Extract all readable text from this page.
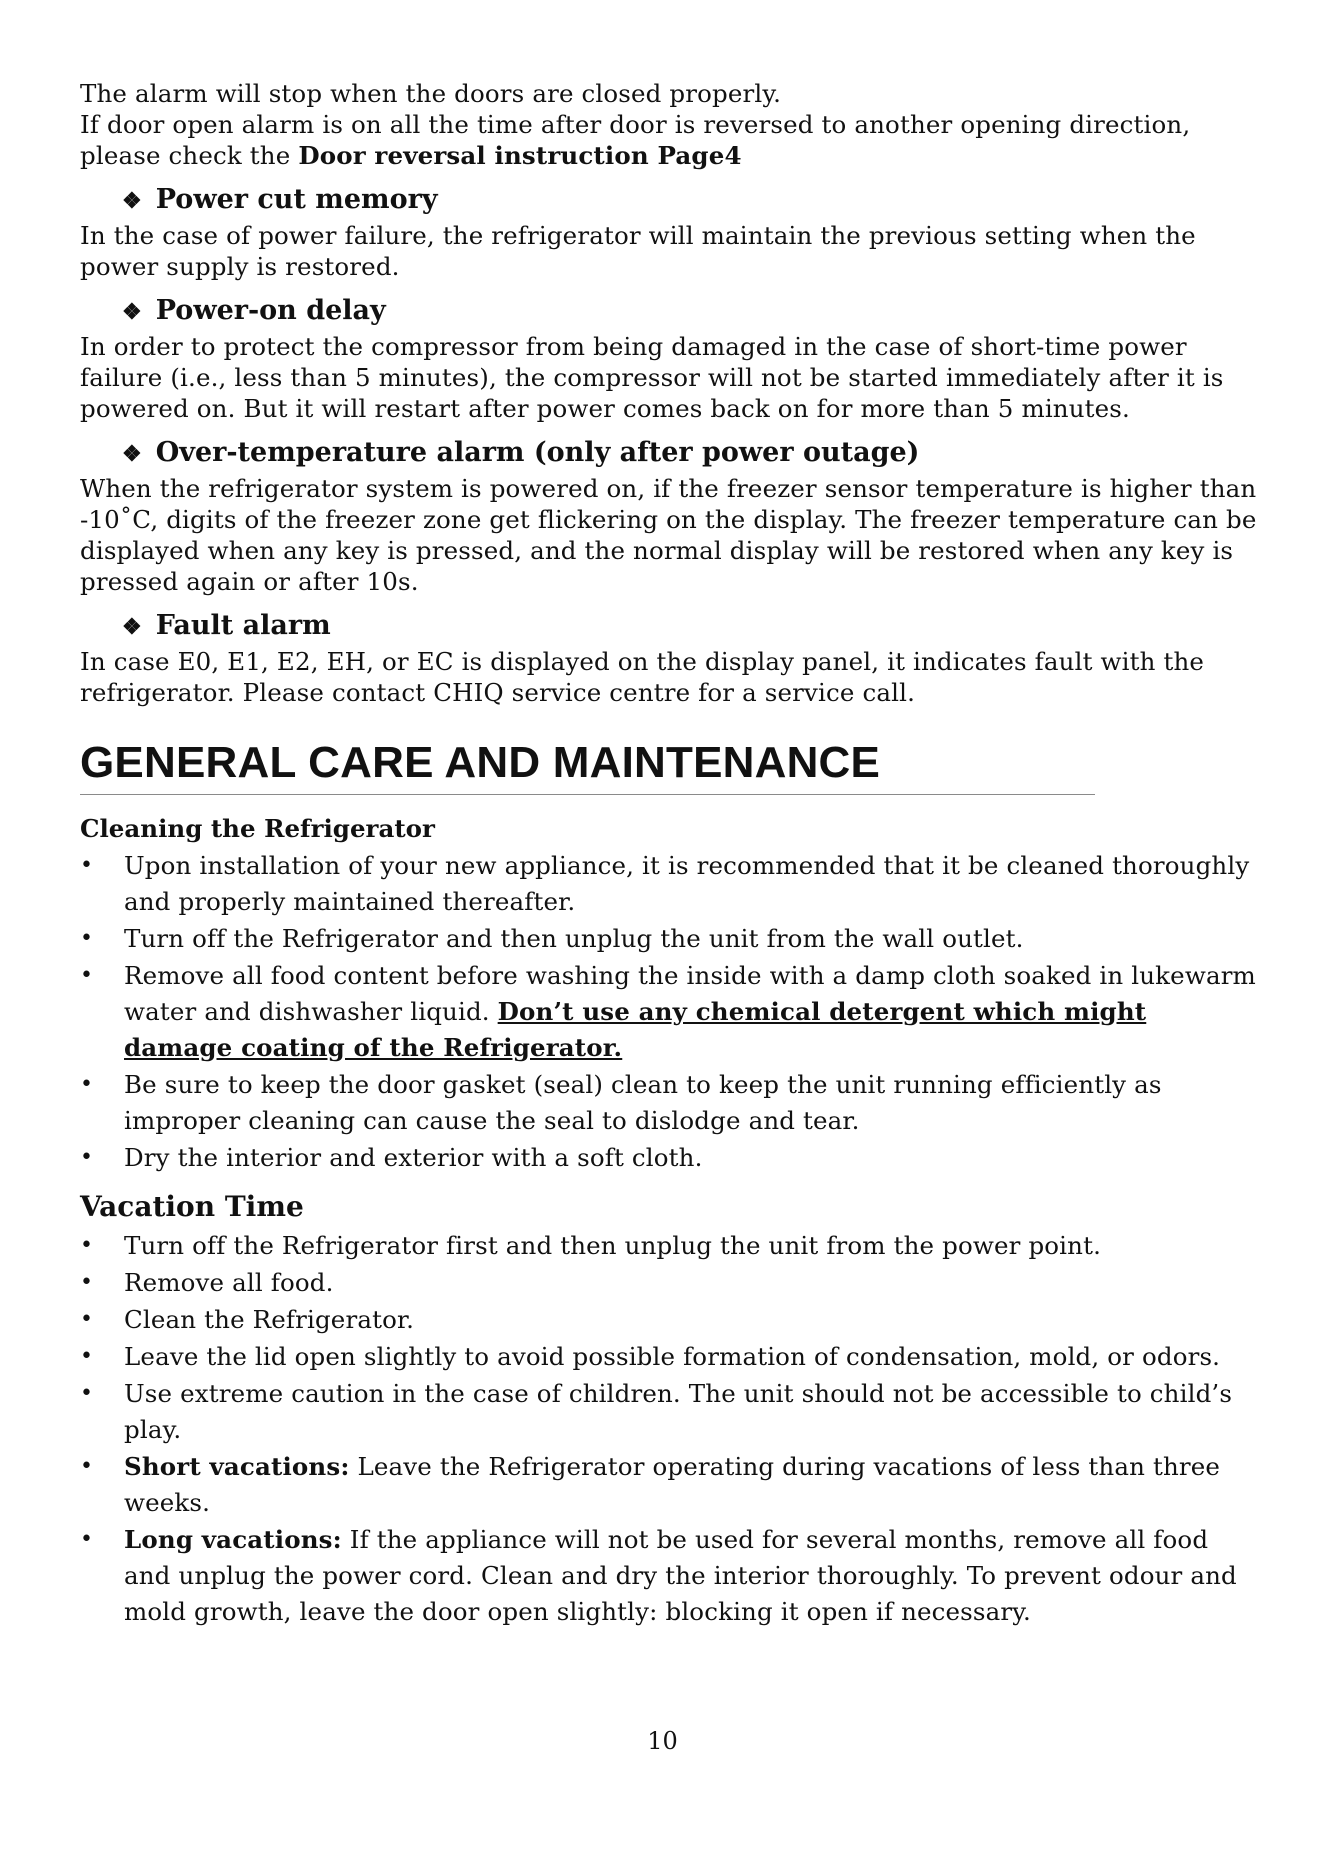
The alarm will stop when the doors are closed properly.

If door open alarm is on all the time after door is reversed to another opening direction, please check the Door reversal instruction Page4

❖ Power cut memory

In the case of power failure, the refrigerator will maintain the previous setting when the power supply is restored.

❖ Power-on delay

In order to protect the compressor from being damaged in the case of short-time power failure (i.e., less than 5 minutes), the compressor will not be started immediately after it is powered on. But it will restart after power comes back on for more than 5 minutes.

❖ Over-temperature alarm (only after power outage)

When the refrigerator system is powered on, if the freezer sensor temperature is higher than -10˚C, digits of the freezer zone get flickering on the display. The freezer temperature can be displayed when any key is pressed, and the normal display will be restored when any key is pressed again or after 10s.

❖ Fault alarm

In case E0, E1, E2, EH, or EC is displayed on the display panel, it indicates fault with the refrigerator. Please contact CHIQ service centre for a service call.

GENERAL CARE AND MAINTENANCE
Cleaning the Refrigerator
• Upon installation of your new appliance, it is recommended that it be cleaned thoroughly and properly maintained thereafter.
• Turn off the Refrigerator and then unplug the unit from the wall outlet.
• Remove all food content before washing the inside with a damp cloth soaked in lukewarm water and dishwasher liquid. Don’t use any chemical detergent which might damage coating of the Refrigerator.
• Be sure to keep the door gasket (seal) clean to keep the unit running efficiently as improper cleaning can cause the seal to dislodge and tear.
• Dry the interior and exterior with a soft cloth.
Vacation Time
• Turn off the Refrigerator first and then unplug the unit from the power point.
• Remove all food.
• Clean the Refrigerator.
• Leave the lid open slightly to avoid possible formation of condensation, mold, or odors.
• Use extreme caution in the case of children. The unit should not be accessible to child’s play.
• Short vacations: Leave the Refrigerator operating during vacations of less than three weeks.
• Long vacations: If the appliance will not be used for several months, remove all food and unplug the power cord. Clean and dry the interior thoroughly. To prevent odour and mold growth, leave the door open slightly: blocking it open if necessary.
10
